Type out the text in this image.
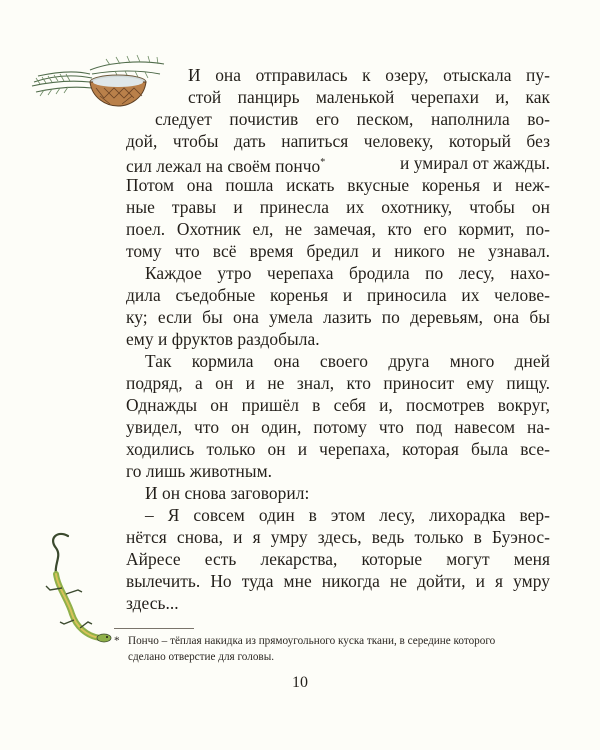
И она отправилась к озеру, отыскала пу-
стой панцирь маленькой черепахи и, как
следует почистив его песком, наполнила во-
дой, чтобы дать напиться человеку, который без
сил лежал на своём пончо*	и умирал от жажды.
Потом она пошла искать вкусные коренья и неж-
ные травы и принесла их охотнику, чтобы он
поел. Охотник ел, не замечая, кто его кормит, по-
тому что всё время бредил и никого не узнавал.
Каждое утро черепаха бродила по лесу, нахо-
дила съедобные коренья и приносила их челове-
ку; если бы она умела лазить по деревьям, она бы
ему и фруктов раздобыла.
Так кормила она своего друга много дней
подряд, а он и не знал, кто приносит ему пищу.
Однажды он пришёл в себя и, посмотрев вокруг,
увидел, что он один, потому что под навесом на-
ходились только он и черепаха, которая была все-
го лишь животным.
И он снова заговорил:
– Я совсем один в этом лесу, лихорадка вер-
нётся снова, и я умру здесь, ведь только в Буэнос-
Айресе есть лекарства, которые могут меня
вылечить. Но туда мне никогда не дойти, и я умру
здесь...
* Пончо – тёплая накидка из прямоугольного куска ткани, в середине которого
сделано отверстие для головы.
10
